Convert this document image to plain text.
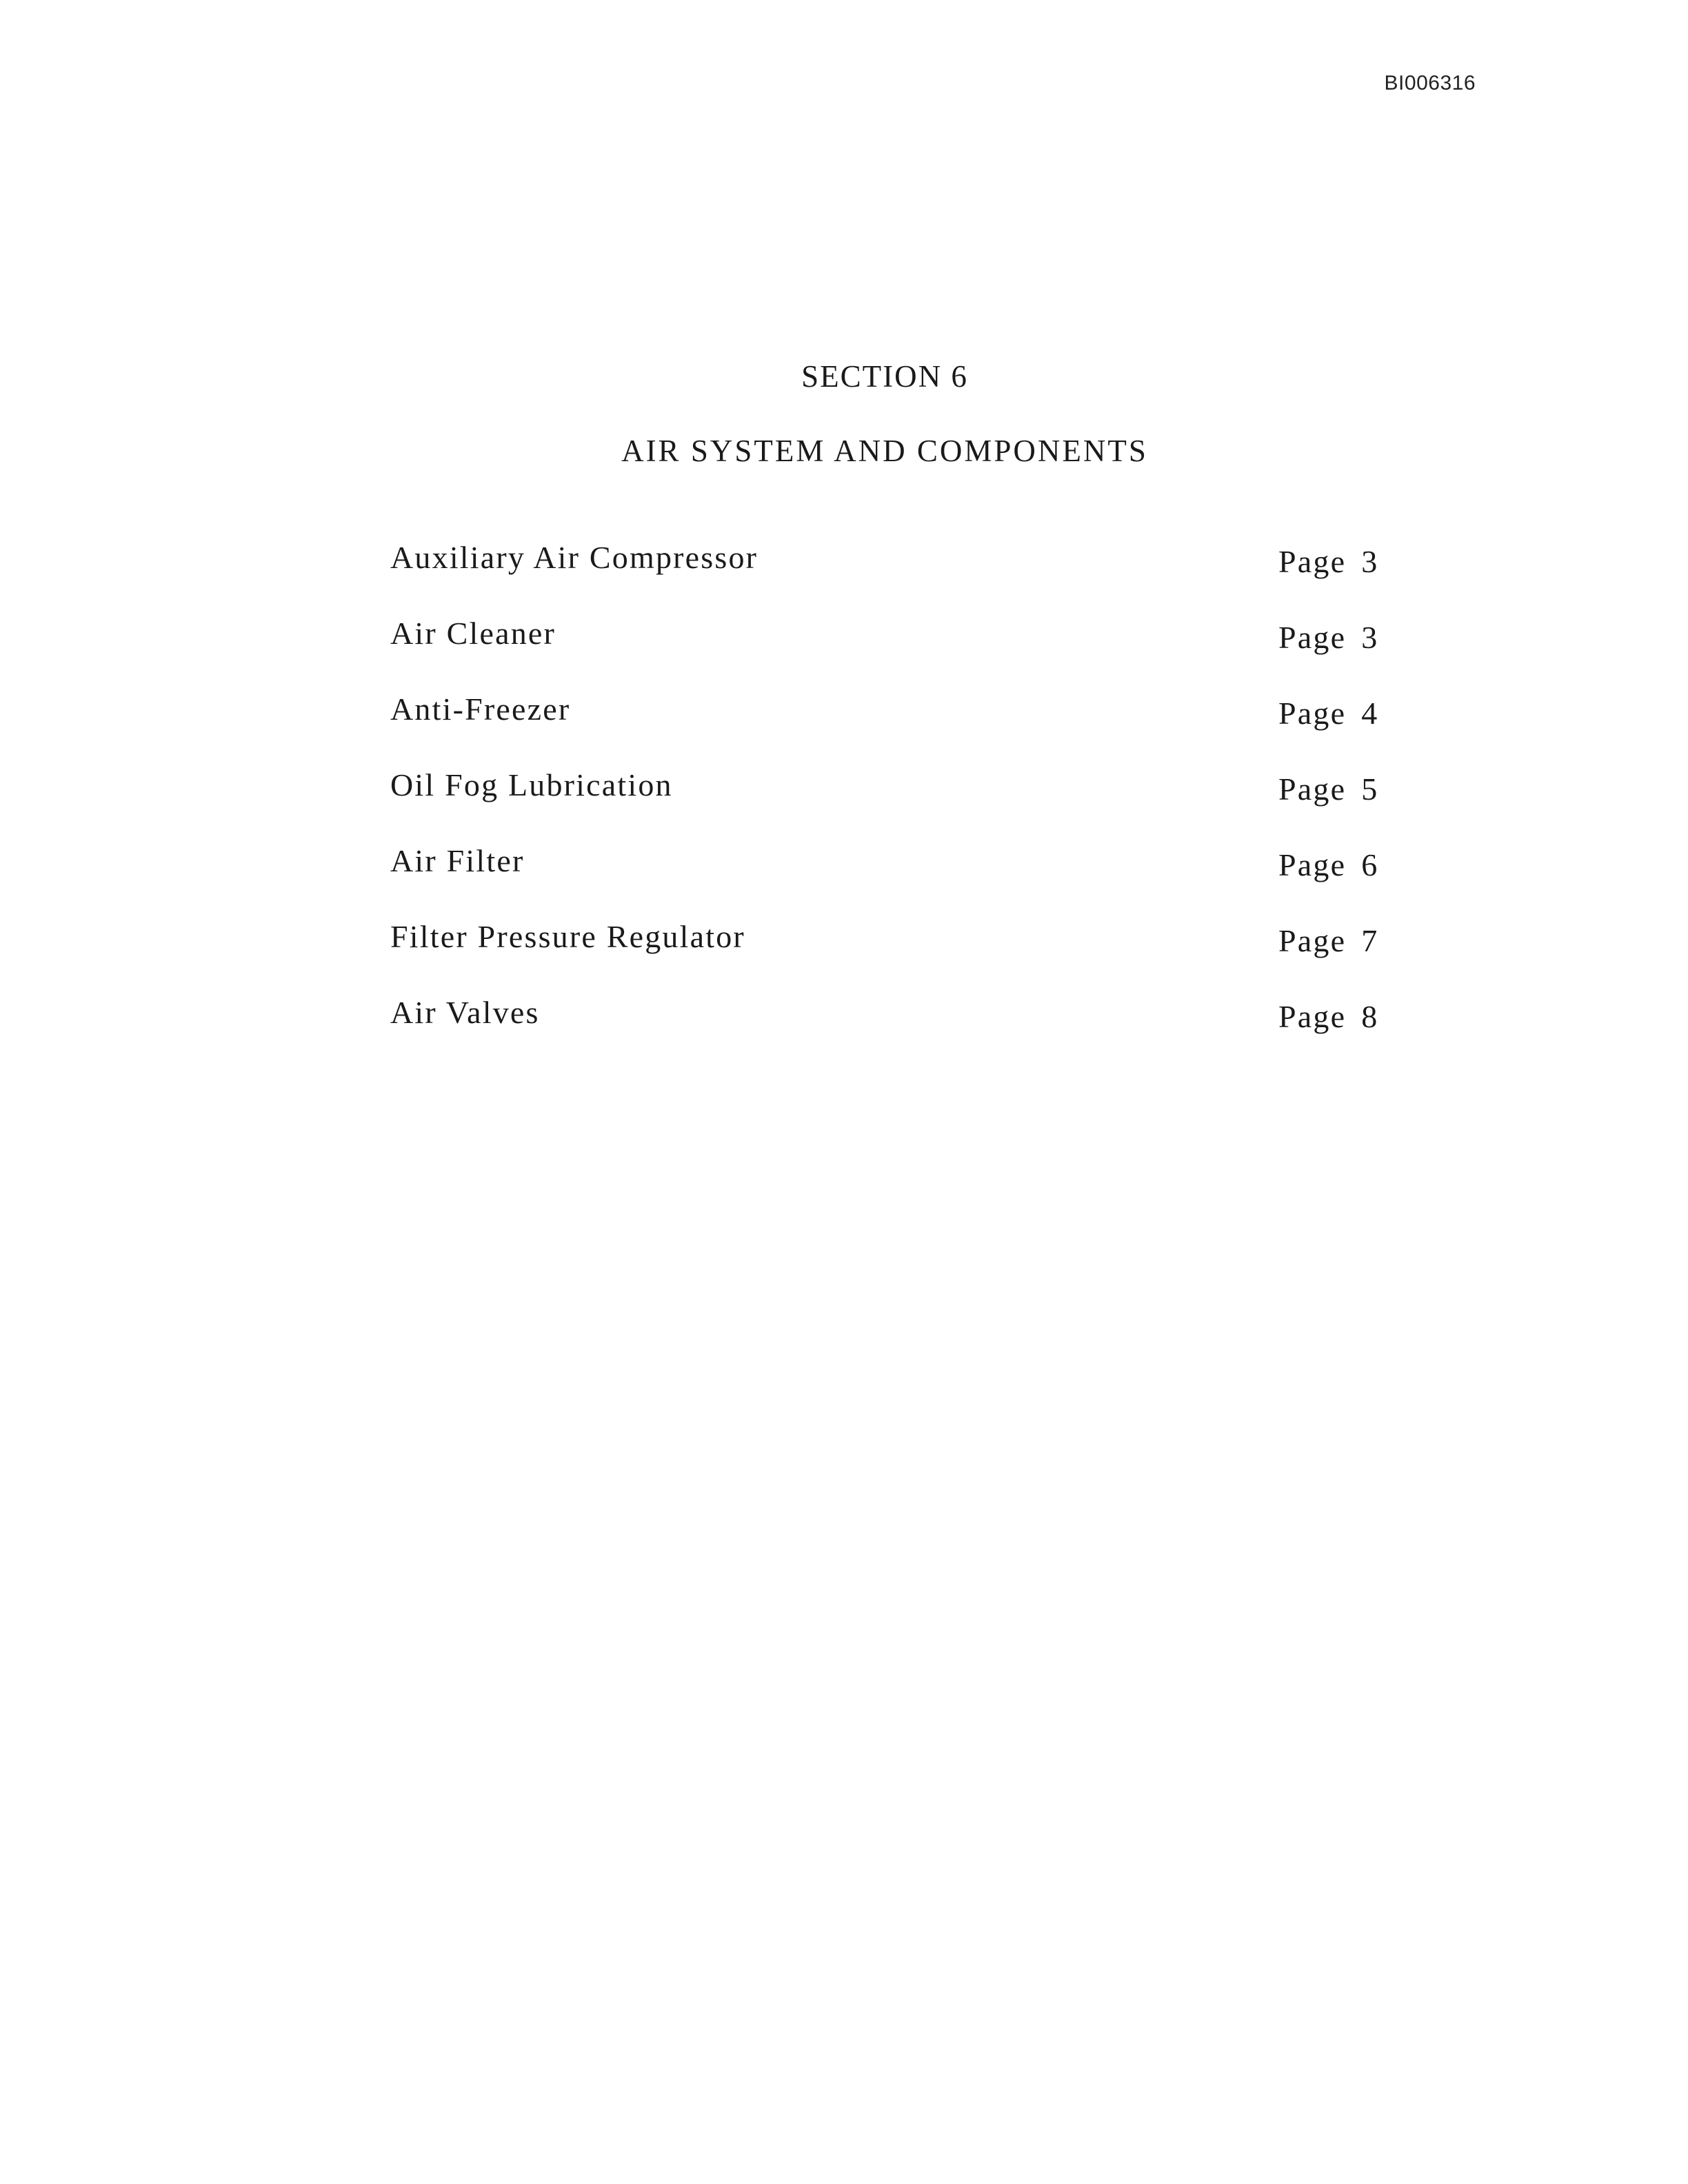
BI006316
SECTION 6
AIR SYSTEM AND COMPONENTS
Auxiliary Air Compressor	Page 3
Air Cleaner	Page 3
Anti-Freezer	Page 4
Oil Fog Lubrication	Page 5
Air Filter	Page 6
Filter Pressure Regulator	Page 7
Air Valves	Page 8
